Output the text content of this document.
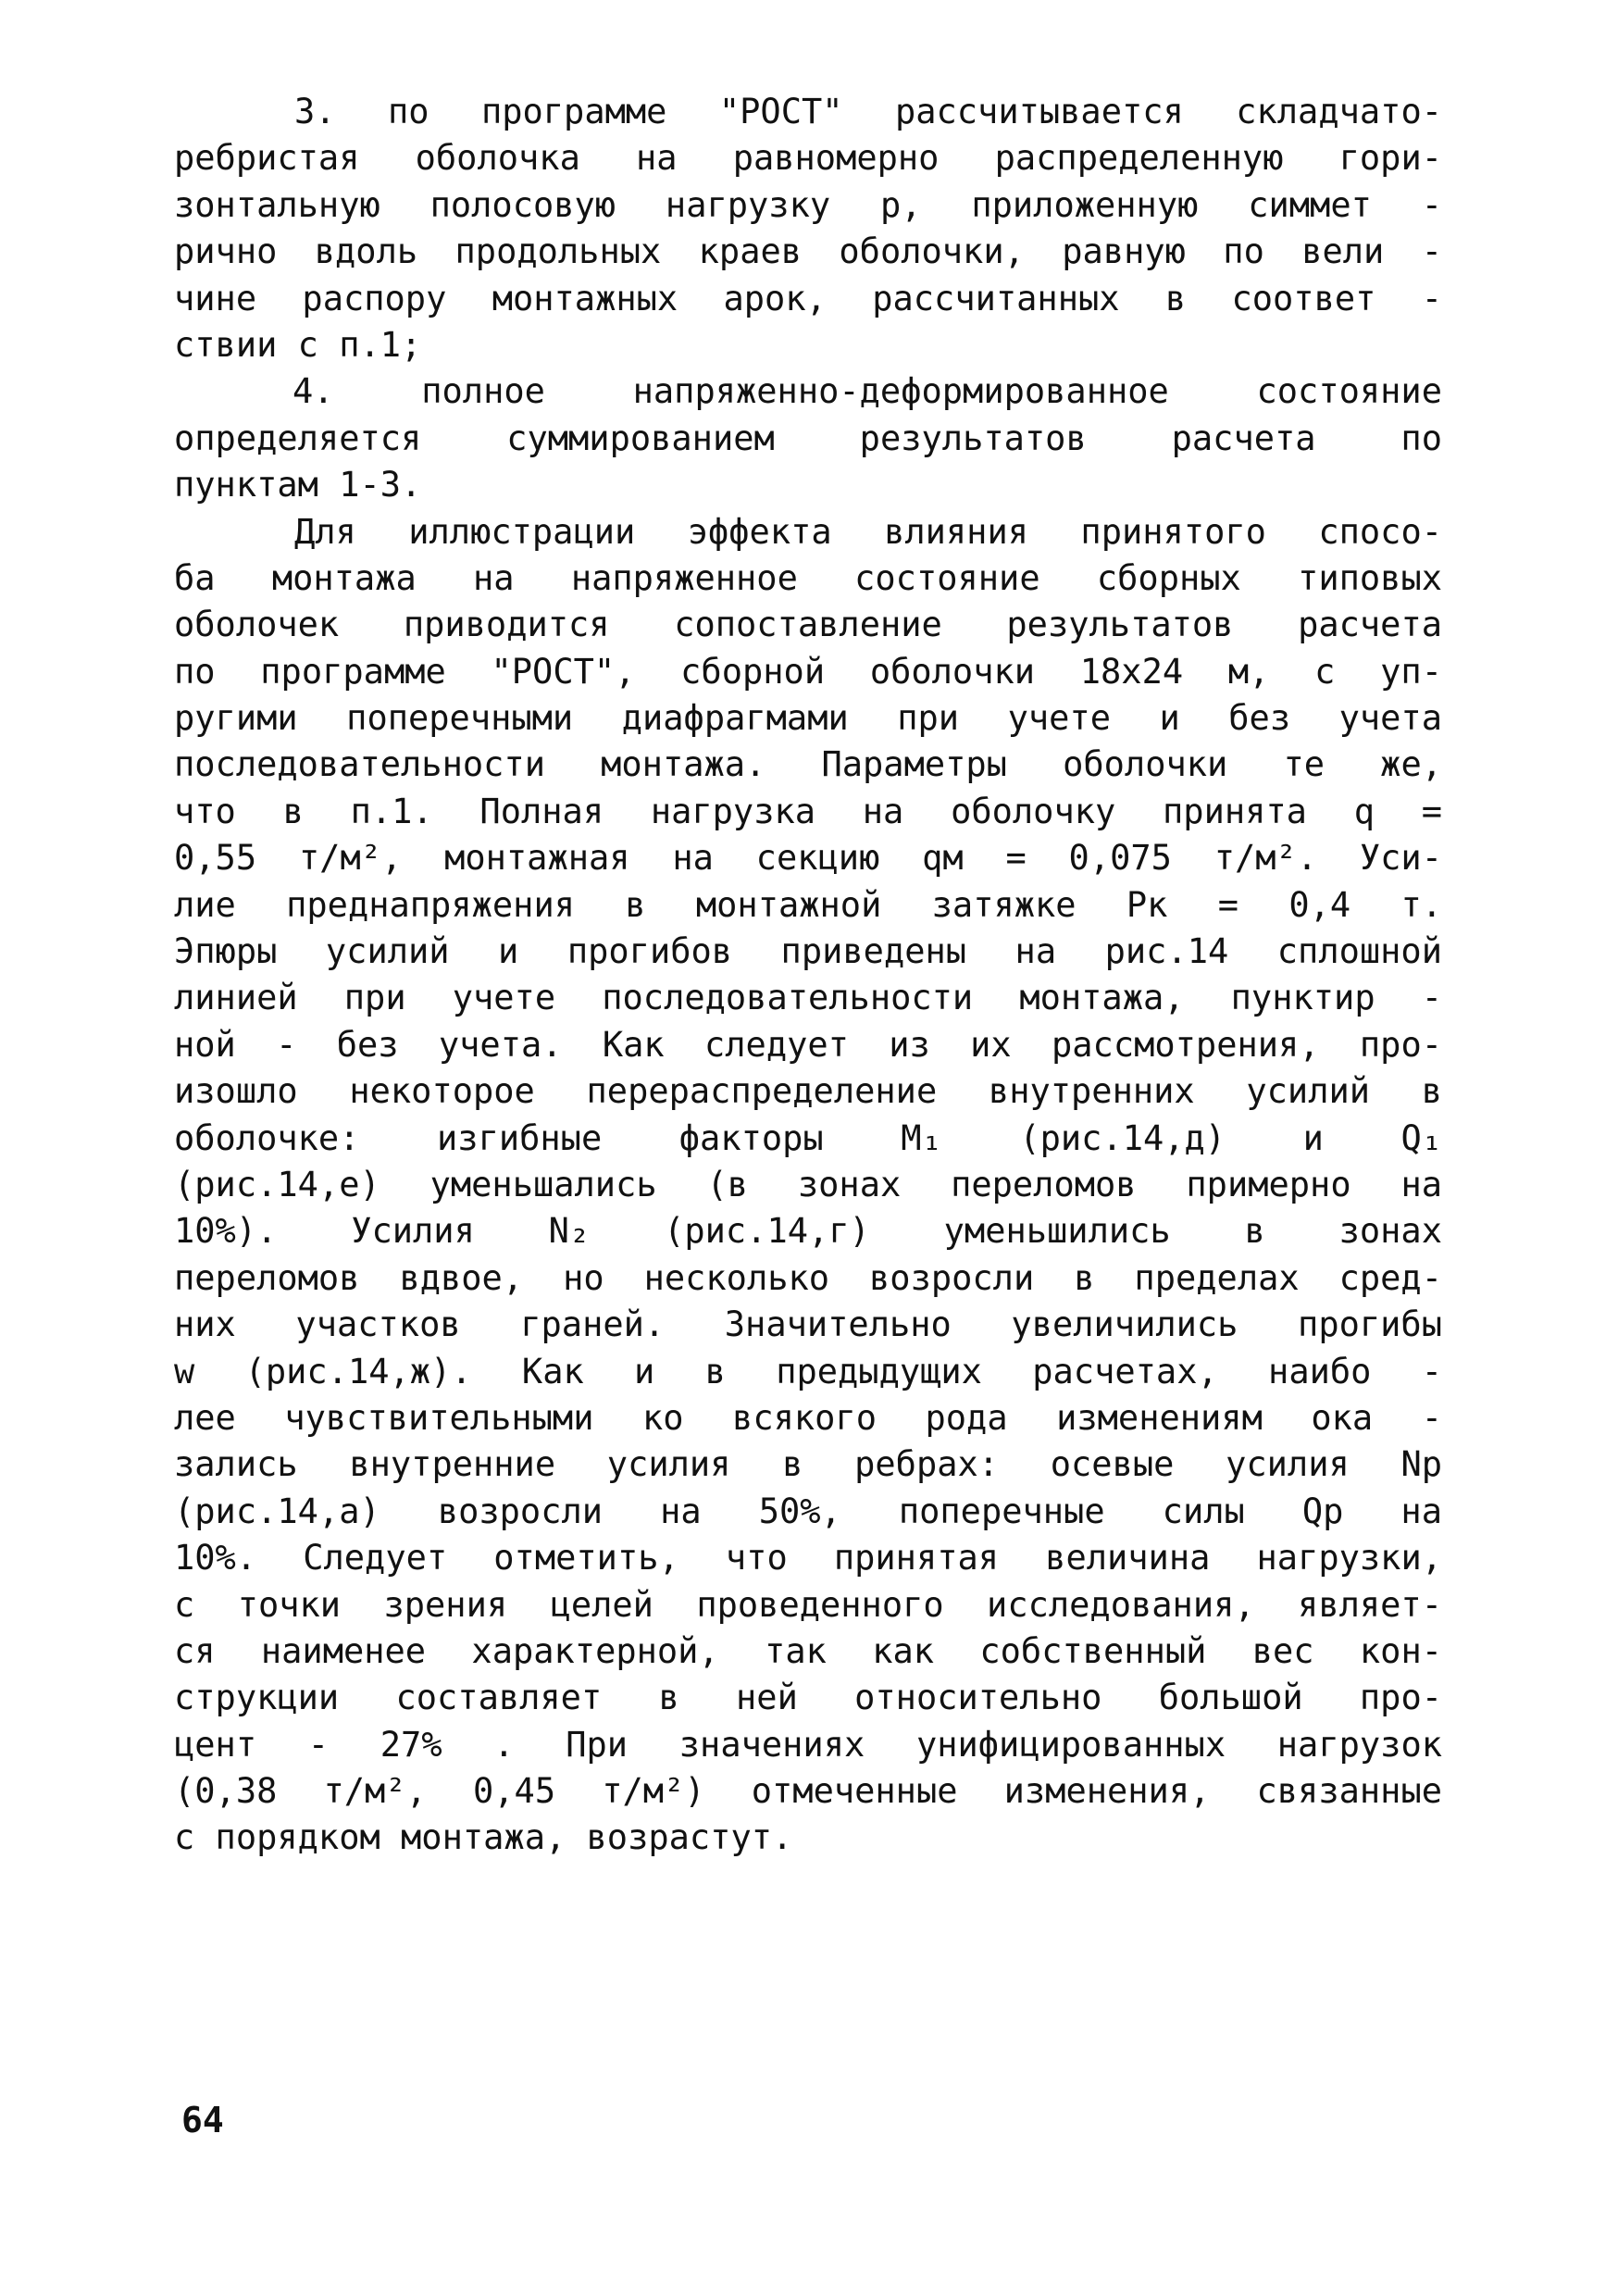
3. по программе "РОСТ" рассчитывается складчато-
ребристая оболочка на равномерно распределенную гори-
зонтальную полосовую нагрузку р, приложенную симмет -
рично вдоль продольных краев оболочки, равную по вели -
чине распору монтажных арок, рассчитанных в соответ -
ствии с п.1;
4. полное напряженно-деформированное состояние
определяется суммированием результатов расчета по
пунктам 1-3.
Для иллюстрации эффекта влияния принятого спосо-
ба монтажа на напряженное состояние сборных типовых
оболочек приводится сопоставление результатов расчета
по программе "РОСТ", сборной оболочки 18х24 м, с уп-
ругими поперечными диафрагмами при учете и без учета
последовательности монтажа. Параметры оболочки те же,
что в п.1. Полная нагрузка на оболочку принята q =
0,55 т/м², монтажная на секцию qм = 0,075 т/м². Уси-
лие преднапряжения в монтажной затяжке Рк = 0,4 т.
Эпюры усилий и прогибов приведены на рис.14 сплошной
линией при учете последовательности монтажа, пунктир -
ной - без учета. Как следует из их рассмотрения, про-
изошло некоторое перераспределение внутренних усилий в
оболочке: изгибные факторы М₁ (рис.14,д) и Q₁
(рис.14,е) уменьшались (в зонах переломов примерно на
10%). Усилия N₂ (рис.14,г) уменьшились в зонах
переломов вдвое, но несколько возросли в пределах сред-
них участков граней. Значительно увеличились прогибы
w (рис.14,ж). Как и в предыдущих расчетах, наибо -
лее чувствительными ко всякого рода изменениям ока -
зались внутренние усилия в ребрах: осевые усилия Nр
(рис.14,а) возросли на 50%, поперечные силы Qр на
10%. Следует отметить, что принятая величина нагрузки,
с точки зрения целей проведенного исследования, являет-
ся наименее характерной, так как собственный вес кон-
струкции составляет в ней относительно большой про-
цент - 27% . При значениях унифицированных нагрузок
(0,38 т/м², 0,45 т/м²) отмеченные изменения, связанные
с порядком монтажа, возрастут.
64
